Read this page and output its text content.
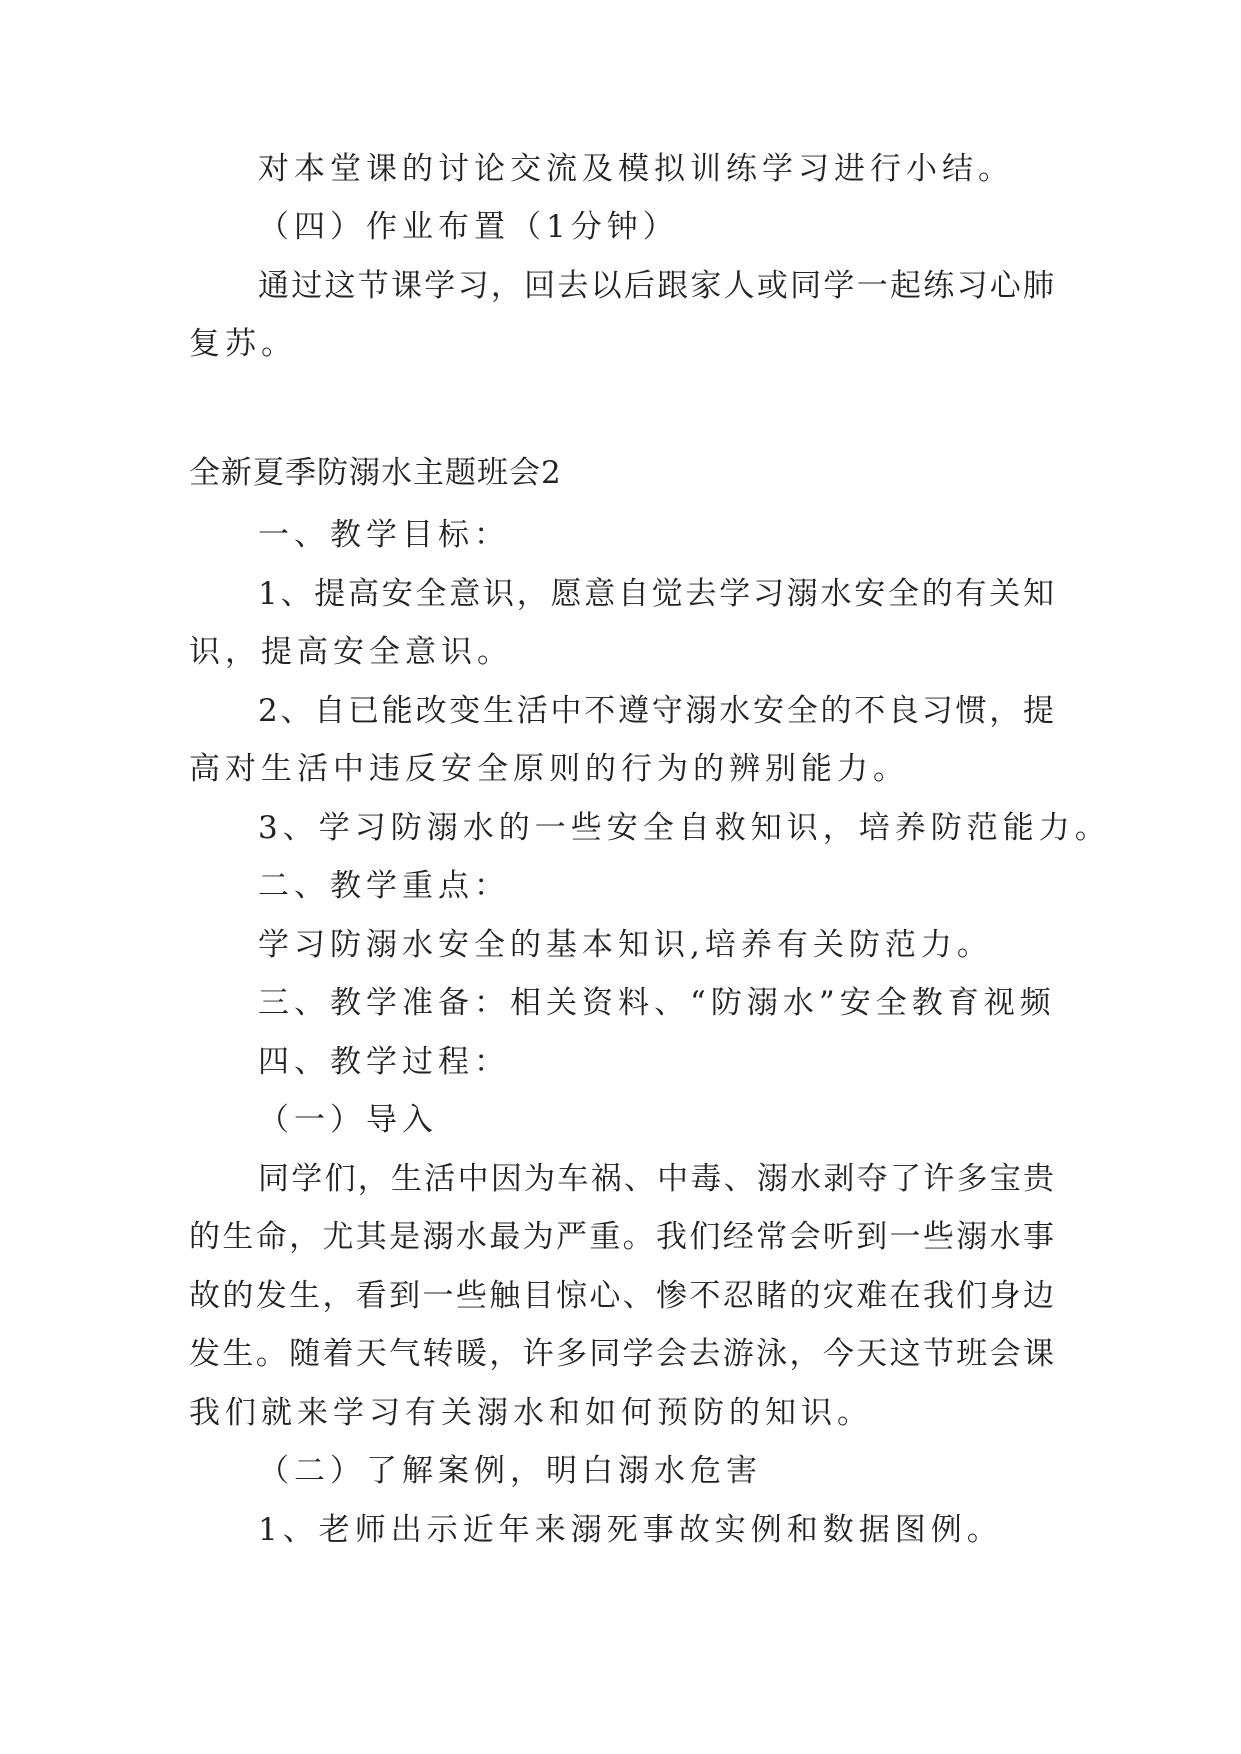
对本堂课的讨论交流及模拟训练学习进行小结。
（四）作业布置（1分钟）
通过这节课学习，回去以后跟家人或同学一起练习心肺
复苏。
全新夏季防溺水主题班会2
一、教学目标：
1、提高安全意识，愿意自觉去学习溺水安全的有关知
识，提高安全意识。
2、自已能改变生活中不遵守溺水安全的不良习惯，提
高对生活中违反安全原则的行为的辨别能力。
3、学习防溺水的一些安全自救知识，培养防范能力。
二、教学重点：
学习防溺水安全的基本知识,培养有关防范力。
三、教学准备：相关资料、“防溺水”安全教育视频
四、教学过程：
（一）导入
同学们，生活中因为车祸、中毒、溺水剥夺了许多宝贵
的生命，尤其是溺水最为严重。我们经常会听到一些溺水事
故的发生，看到一些触目惊心、惨不忍睹的灾难在我们身边
发生。随着天气转暖，许多同学会去游泳，今天这节班会课
我们就来学习有关溺水和如何预防的知识。
（二）了解案例，明白溺水危害
1、老师出示近年来溺死事故实例和数据图例。
